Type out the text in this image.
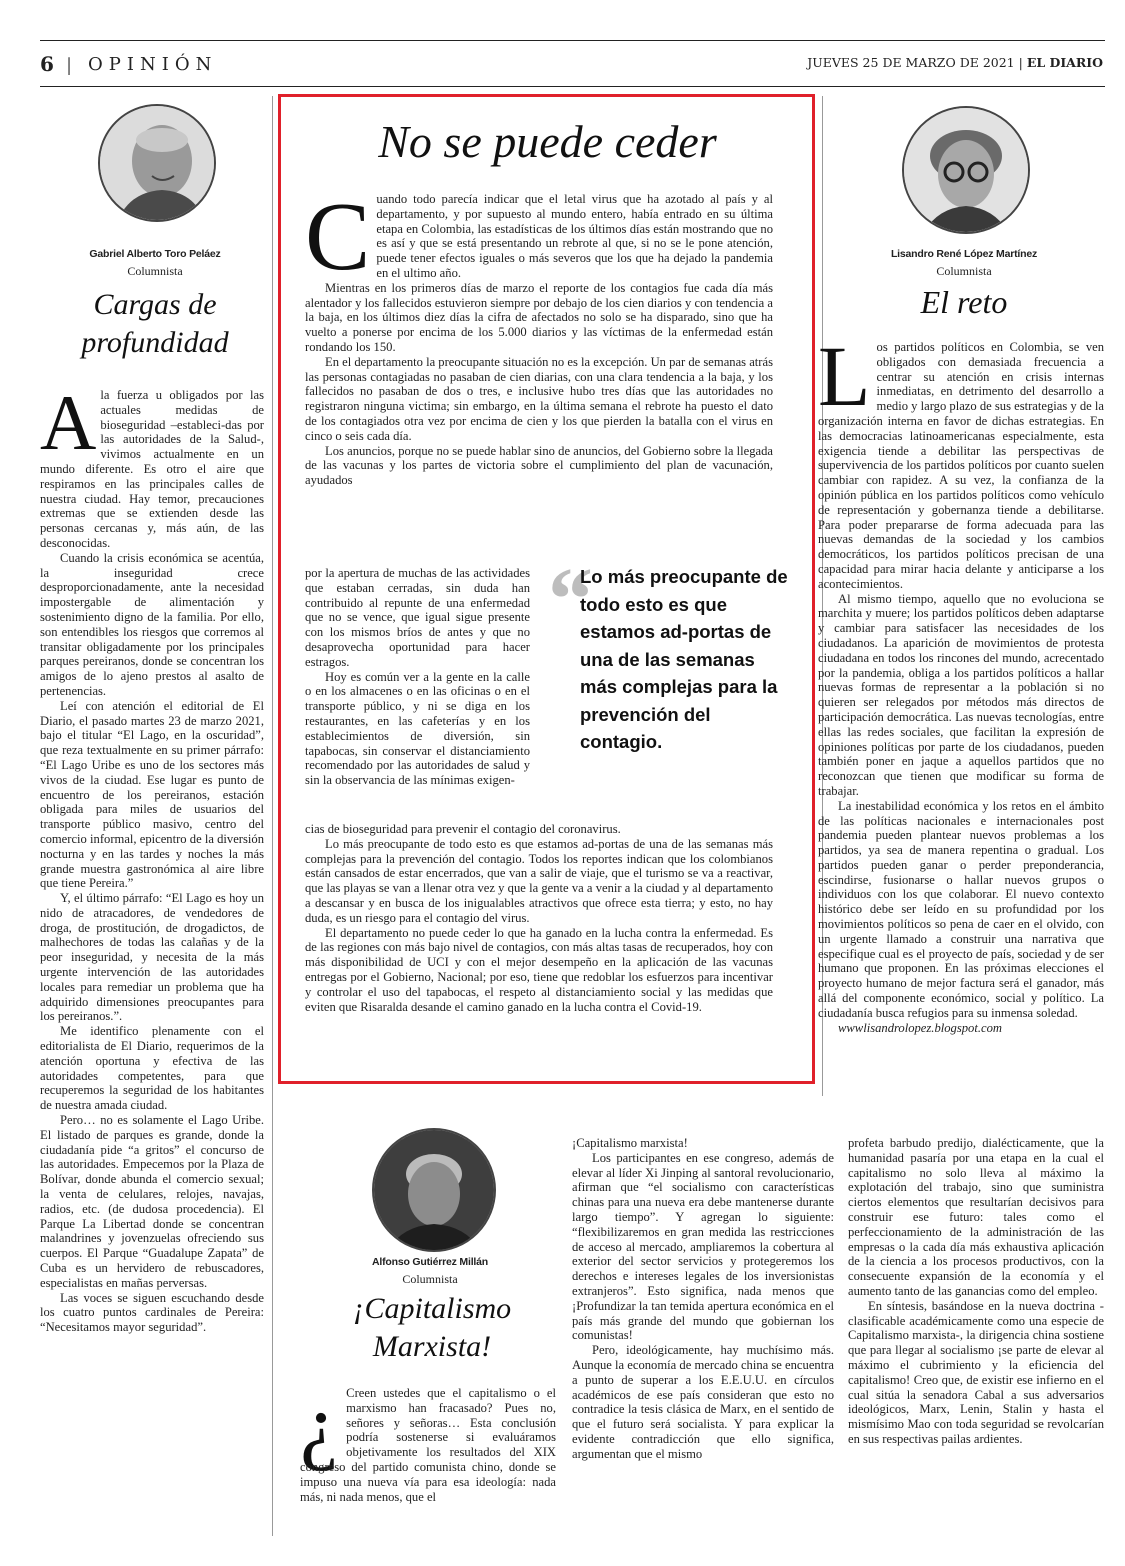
6 | OPINIÓN	JUEVES 25 DE MARZO DE 2021 | EL DIARIO
Gabriel Alberto Toro Peláez
Columnista
Cargas de
profundidad

Ala fuerza u obligados por las actuales medidas de bioseguridad –estableci-das por las autoridades de la Salud-, vivimos actualmente en un mundo diferente. Es otro el aire que respiramos en las principales calles de nuestra ciudad. Hay temor, precauciones extremas que se extienden desde las personas cercanas y, más aún, de las desconocidas.

Cuando la crisis económica se acentúa, la inseguridad crece desproporcionadamente, ante la necesidad impostergable de alimentación y sostenimiento digno de la familia. Por ello, son entendibles los riesgos que corremos al transitar obligadamente por los principales parques pereiranos, donde se concentran los amigos de lo ajeno prestos al asalto de pertenencias.

Leí con atención el editorial de El Diario, el pasado martes 23 de marzo 2021, bajo el titular “El Lago, en la oscuridad”, que reza textualmente en su primer párrafo: “El Lago Uribe es uno de los sectores más vivos de la ciudad. Ese lugar es punto de encuentro de los pereiranos, estación obligada para miles de usuarios del transporte público masivo, centro del comercio informal, epicentro de la diversión nocturna y en las tardes y noches la más grande muestra gastronómica al aire libre que tiene Pereira.”

Y, el último párrafo: “El Lago es hoy un nido de atracadores, de vendedores de droga, de prostitución, de drogadictos, de malhechores de todas las calañas y de la peor inseguridad, y necesita de la más urgente intervención de las autoridades locales para remediar un problema que ha adquirido dimensiones preocupantes para los pereiranos.”.

Me identifico plenamente con el editorialista de El Diario, requerimos de la atención oportuna y efectiva de las autoridades competentes, para que recuperemos la seguridad de los habitantes de nuestra amada ciudad.

Pero… no es solamente el Lago Uribe. El listado de parques es grande, donde la ciudadanía pide “a gritos” el concurso de las autoridades. Empecemos por la Plaza de Bolívar, donde abunda el comercio sexual; la venta de celulares, relojes, navajas, radios, etc. (de dudosa procedencia). El Parque La Libertad donde se concentran malandrines y jovenzuelas ofreciendo sus cuerpos. El Parque “Guadalupe Zapata” de Cuba es un hervidero de rebuscadores, especialistas en mañas perversas.

Las voces se siguen escuchando desde los cuatro puntos cardinales de Pereira: “Necesitamos mayor seguridad”.

No se puede ceder

Cuando todo parecía indicar que el letal virus que ha azotado al país y al departamento, y por supuesto al mundo entero, había entrado en su última etapa en Colombia, las estadísticas de los últimos días están mostrando que no es así y que se está presentando un rebrote al que, si no se le pone atención, puede tener efectos iguales o más severos que los que ha dejado la pandemia en el ultimo año.

Mientras en los primeros días de marzo el reporte de los contagios fue cada día más alentador y los fallecidos estuvieron siempre por debajo de los cien diarios y con tendencia a la baja, en los últimos diez días la cifra de afectados no solo se ha disparado, sino que ha vuelto a ponerse por encima de los 5.000 diarios y las víctimas de la enfermedad están rondando los 150.

En el departamento la preocupante situación no es la excepción. Un par de semanas atrás las personas contagiadas no pasaban de cien diarias, con una clara tendencia a la baja, y los fallecidos no pasaban de dos o tres, e inclusive hubo tres días que las autoridades no registraron ninguna victima; sin embargo, en la última semana el rebrote ha puesto el dato de los contagiados otra vez por encima de cien y los que pierden la batalla con el virus en cinco o seis cada día.

Los anuncios, porque no se puede hablar sino de anuncios, del Gobierno sobre la llegada de las vacunas y los partes de victoria sobre el cumplimiento del plan de vacunación, ayudados

por la apertura de muchas de las actividades que estaban cerradas, sin duda han contribuido al repunte de una enfermedad que no se vence, que igual sigue presente con los mismos bríos de antes y que no desaprovecha oportunidad para hacer estragos.

Hoy es común ver a la gente en la calle o en los almacenes o en las oficinas o en el transporte público, y ni se diga en los restaurantes, en las cafeterías y en los establecimientos de diversión, sin tapabocas, sin conservar el distanciamiento recomendado por las autoridades de salud y sin la observancia de las mínimas exigen-

“
Lo más preocupante de todo esto es que estamos ad-portas de una de las semanas más complejas para la prevención del contagio.

cias de bioseguridad para prevenir el contagio del coronavirus.

Lo más preocupante de todo esto es que estamos ad-portas de una de las semanas más complejas para la prevención del contagio. Todos los reportes indican que los colombianos están cansados de estar encerrados, que van a salir de viaje, que el turismo se va a reactivar, que las playas se van a llenar otra vez y que la gente va a venir a la ciudad y al departamento a descansar y en busca de los inigualables atractivos que ofrece esta tierra; y esto, no hay duda, es un riesgo para el contagio del virus.

El departamento no puede ceder lo que ha ganado en la lucha contra la enfermedad. Es de las regiones con más bajo nivel de contagios, con más altas tasas de recuperados, hoy con más disponibilidad de UCI y con el mejor desempeño en la aplicación de las vacunas entregas por el Gobierno, Nacional; por eso, tiene que redoblar los esfuerzos para incentivar y controlar el uso del tapabocas, el respeto al distanciamiento social y las medidas que eviten que Risaralda desande el camino ganado en la lucha contra el Covid-19.

Lisandro René López Martínez
Columnista
El reto

Los partidos políticos en Colombia, se ven obligados con demasiada frecuencia a centrar su atención en crisis internas inmediatas, en detrimento del desarrollo a medio y largo plazo de sus estrategias y de la organización interna en favor de dichas estrategias. En las democracias latinoamericanas especialmente, esta exigencia tiende a debilitar las perspectivas de supervivencia de los partidos políticos por cuanto suelen cambiar con rapidez. A su vez, la confianza de la opinión pública en los partidos políticos como vehículo de representación y gobernanza tiende a debilitarse. Para poder prepararse de forma adecuada para las nuevas demandas de la sociedad y los cambios democráticos, los partidos políticos precisan de una capacidad para mirar hacia delante y anticiparse a los acontecimientos.

Al mismo tiempo, aquello que no evoluciona se marchita y muere; los partidos políticos deben adaptarse y cambiar para satisfacer las necesidades de los ciudadanos. La aparición de movimientos de protesta ciudadana en todos los rincones del mundo, acrecentado por la pandemia, obliga a los partidos políticos a hallar nuevas formas de representar a la población si no quieren ser relegados por métodos más directos de participación democrática. Las nuevas tecnologías, entre ellas las redes sociales, que facilitan la expresión de opiniones políticas por parte de los ciudadanos, pueden también poner en jaque a aquellos partidos que no reconozcan que tienen que modificar su forma de trabajar.

La inestabilidad económica y los retos en el ámbito de las políticas nacionales e internacionales post pandemia pueden plantear nuevos problemas a los partidos, ya sea de manera repentina o gradual. Los partidos pueden ganar o perder preponderancia, escindirse, fusionarse o hallar nuevos grupos o individuos con los que colaborar. El nuevo contexto histórico debe ser leído en su profundidad por los movimientos políticos so pena de caer en el olvido, con un urgente llamado a construir una narrativa que especifique cual es el proyecto de país, sociedad y de ser humano que proponen. En las próximas elecciones el proyecto humano de mejor factura será el ganador, más allá del componente económico, social y político. La ciudadanía busca refugios para su inmensa soledad.

wwwlisandrolopez.blogspot.com

Alfonso Gutiérrez Millán
Columnista
¡Capitalismo
Marxista!

¿ Creen ustedes que el capitalismo o el marxismo han fracasado? Pues no, señores y señoras… Esta conclusión podría sostenerse si evaluáramos objetivamente los resultados del XIX congreso del partido comunista chino, donde se impuso una nueva vía para esa ideología: nada más, ni nada menos, que el

¡Capitalismo marxista!

Los participantes en ese congreso, además de elevar al líder Xi Jinping al santoral revolucionario, afirman que “el socialismo con características chinas para una nueva era debe mantenerse durante largo tiempo”. Y agregan lo siguiente: “flexibilizaremos en gran medida las restricciones de acceso al mercado, ampliaremos la cobertura al exterior del sector servicios y protegeremos los derechos e intereses legales de los inversionistas extranjeros”. Esto significa, nada menos que ¡Profundizar la tan temida apertura económica en el país más grande del mundo que gobiernan los comunistas!

Pero, ideológicamente, hay muchísimo más. Aunque la economía de mercado china se encuentra a punto de superar a los E.E.U.U. en círculos académicos de ese país consideran que esto no contradice la tesis clásica de Marx, en el sentido de que el futuro será socialista. Y para explicar la evidente contradicción que ello significa, argumentan que el mismo

profeta barbudo predijo, dialécticamente, que la humanidad pasaría por una etapa en la cual el capitalismo no solo lleva al máximo la explotación del trabajo, sino que suministra ciertos elementos que resultarían decisivos para construir ese futuro: tales como el perfeccionamiento de la administración de las empresas o la cada día más exhaustiva aplicación de la ciencia a los procesos productivos, con la consecuente expansión de la economía y el aumento tanto de las ganancias como del empleo.

En síntesis, basándose en la nueva doctrina -clasificable académicamente como una especie de Capitalismo marxista-, la dirigencia china sostiene que para llegar al socialismo ¡se parte de elevar al máximo el cubrimiento y la eficiencia del capitalismo! Creo que, de existir ese infierno en el cual sitúa la senadora Cabal a sus adversarios ideológicos, Marx, Lenin, Stalin y hasta el mismísimo Mao con toda seguridad se revolcarían en sus respectivas pailas ardientes.
